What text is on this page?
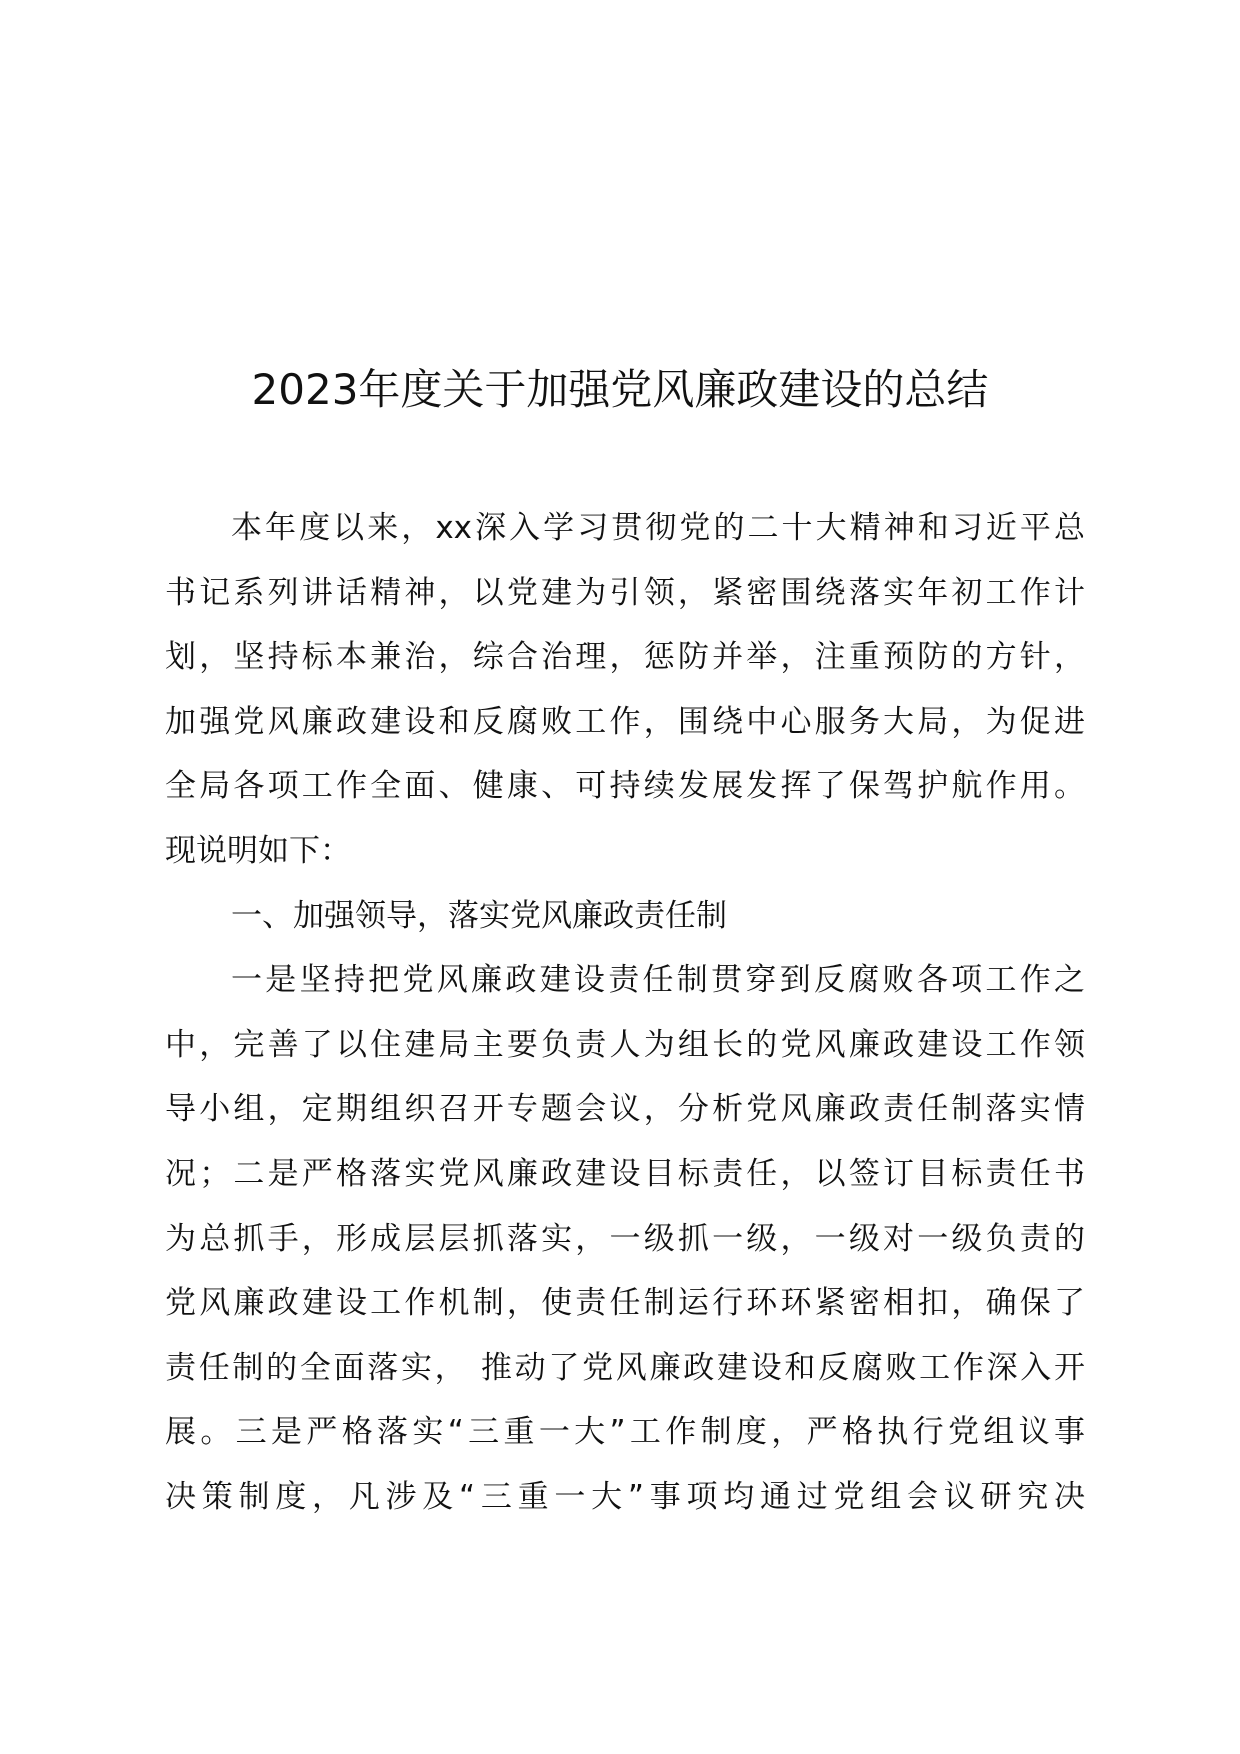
2023年度关于加强党风廉政建设的总结
本年度以来，xx深入学习贯彻党的二十大精神和习近平总
书记系列讲话精神，以党建为引领，紧密围绕落实年初工作计
划，坚持标本兼治，综合治理，惩防并举，注重预防的方针，
加强党风廉政建设和反腐败工作，围绕中心服务大局，为促进
全局各项工作全面、健康、可持续发展发挥了保驾护航作用。
现说明如下：
一、加强领导，落实党风廉政责任制
一是坚持把党风廉政建设责任制贯穿到反腐败各项工作之
中，完善了以住建局主要负责人为组长的党风廉政建设工作领
导小组，定期组织召开专题会议，分析党风廉政责任制落实情
况；二是严格落实党风廉政建设目标责任，以签订目标责任书
为总抓手，形成层层抓落实，一级抓一级，一级对一级负责的
党风廉政建设工作机制，使责任制运行环环紧密相扣，确保了
责任制的全面落实， 推动了党风廉政建设和反腐败工作深入开
展。三是严格落实“三重一大”工作制度，严格执行党组议事
决策制度，凡涉及“三重一大”事项均通过党组会议研究决
